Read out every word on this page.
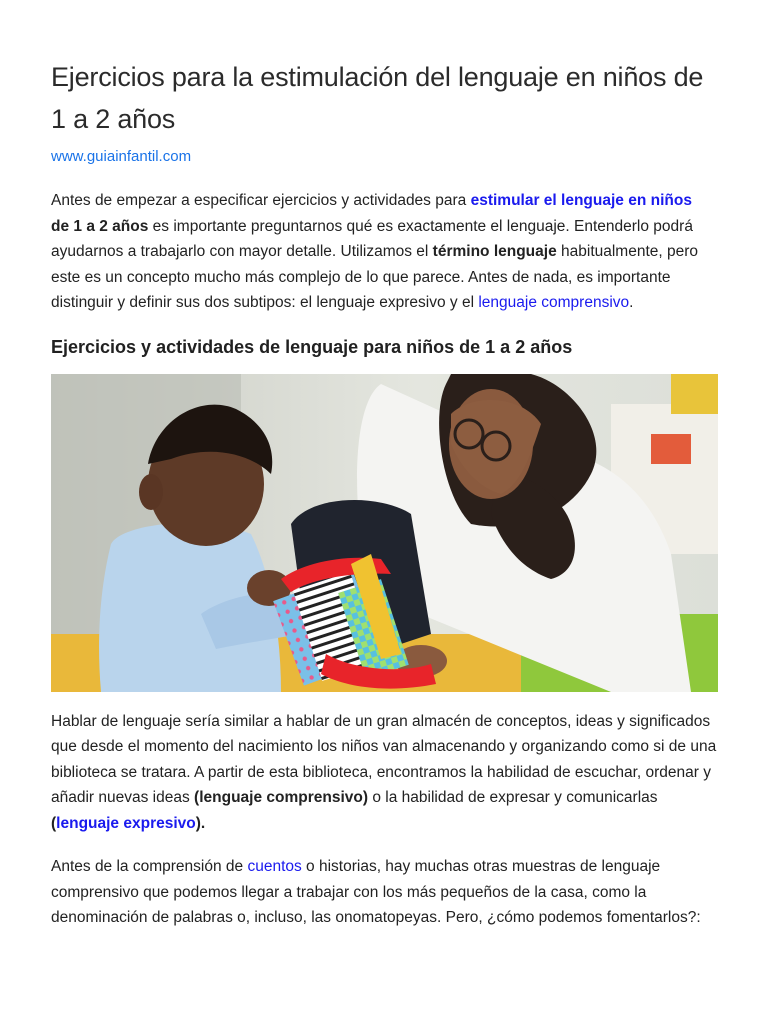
Ejercicios para la estimulación del lenguaje en niños de 1 a 2 años
www.guiainfantil.com

Antes de empezar a especificar ejercicios y actividades para estimular el lenguaje en niños
de 1 a 2 años es importante preguntarnos qué es exactamente el lenguaje. Entenderlo podrá ayudarnos a trabajarlo con mayor detalle. Utilizamos el término lenguaje habitualmente, pero este es un concepto mucho más complejo de lo que parece. Antes de nada, es importante distinguir y definir sus dos subtipos: el lenguaje expresivo y el lenguaje comprensivo.

Ejercicios y actividades de lenguaje para niños de 1 a 2 años

Hablar de lenguaje sería similar a hablar de un gran almacén de conceptos, ideas y significados que desde el momento del nacimiento los niños van almacenando y organizando como si de una biblioteca se tratara. A partir de esta biblioteca, encontramos la habilidad de escuchar, ordenar y añadir nuevas ideas (lenguaje comprensivo) o la habilidad de expresar y comunicarlas (lenguaje expresivo).

Antes de la comprensión de cuentos o historias, hay muchas otras muestras de lenguaje comprensivo que podemos llegar a trabajar con los más pequeños de la casa, como la denominación de palabras o, incluso, las onomatopeyas. Pero, ¿cómo podemos fomentarlos?:
